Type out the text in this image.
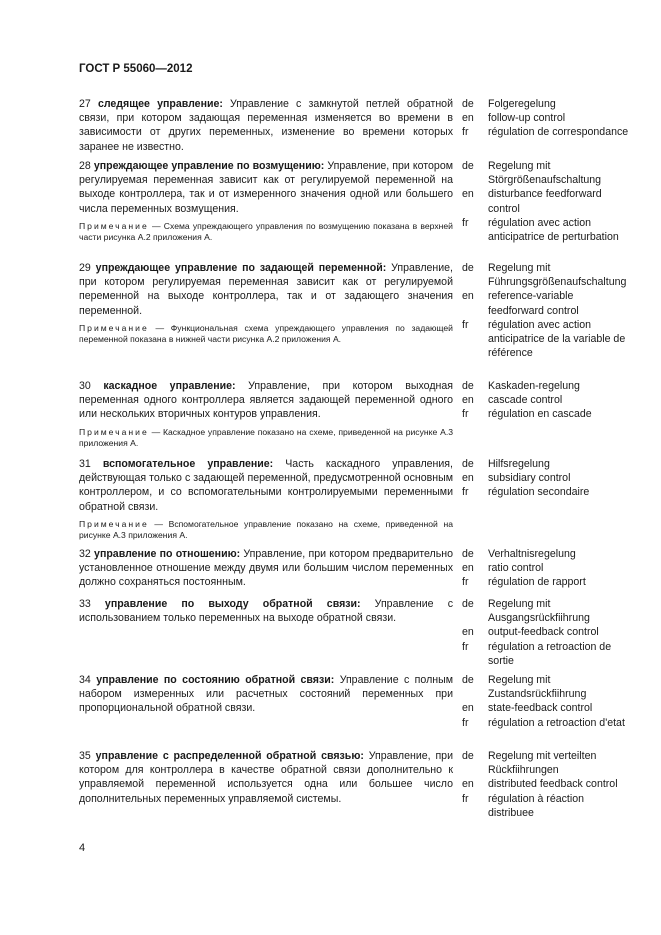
ГОСТ Р 55060—2012

27 следящее управление: Управление с замкнутой петлей обратной связи, при котором задающая переменная изменяется во времени в зависимости от других переменных, изменение во времени которых заранее не известно.

de	Folgeregelung
en	follow-up control
fr	régulation de correspondance

28 упреждающее управление по возмущению: Управление, при котором регулируемая переменная зависит как от регулируемой переменной на выходе контроллера, так и от измеренного значения одной или большего числа переменных возмущения.

Примечание — Схема упреждающего управления по возмущению показана в верхней части рисунка А.2 приложения А.

de	Regelung mit Störgrößenaufschaltung
en	disturbance feedforward control
fr	régulation avec action anticipatrice de perturbation

29 упреждающее управление по задающей переменной: Управление, при котором регулируемая переменная зависит как от регулируемой переменной на выходе контроллера, так и от задающего значения переменной.

Примечание — Функциональная схема упреждающего управления по задающей переменной показана в нижней части рисунка А.2 приложения А.

de	Regelung mit Führungsgrößenaufschaltung
en	reference-variable feedforward control
fr	régulation avec action anticipatrice de la variable de référence

30 каскадное управление: Управление, при котором выходная переменная одного контроллера является задающей переменной одного или нескольких вторичных контуров управления.

Примечание — Каскадное управление показано на схеме, приведенной на рисунке А.3 приложения А.

de	Kaskaden-regelung
en	cascade control
fr	régulation en cascade

31 вспомогательное управление: Часть каскадного управления, действующая только с задающей переменной, предусмотренной основным контроллером, и со вспомогательными контролируемыми переменными обратной связи.

Примечание — Вспомогательное управление показано на схеме, приведенной на рисунке А.3 приложения А.

de	Hilfsregelung
en	subsidiary control
fr	régulation secondaire

32 управление по отношению: Управление, при котором предварительно установленное отношение между двумя или большим числом переменных должно сохраняться постоянным.

de	Verhaltnisregelung
en	ratio control
fr	régulation de rapport

33 управление по выходу обратной связи: Управление с использованием только переменных на выходе обратной связи.

de	Regelung mit Ausgangsrückfiihrung
en	output-feedback control
fr	régulation a retroaction de sortie

34 управление по состоянию обратной связи: Управление с полным набором измеренных или расчетных состояний переменных при пропорциональной обратной связи.

de	Regelung mit Zustandsrückfiihrung
en	state-feedback control
fr	régulation a retroaction d'etat

35 управление с распределенной обратной связью: Управление, при котором для контроллера в качестве обратной связи дополнительно к управляемой переменной используется одна или большее число дополнительных переменных управляемой системы.

de	Regelung mit verteilten Rückfiihrungen
en	distributed feedback control
fr	régulation à réaction distribuee
4
